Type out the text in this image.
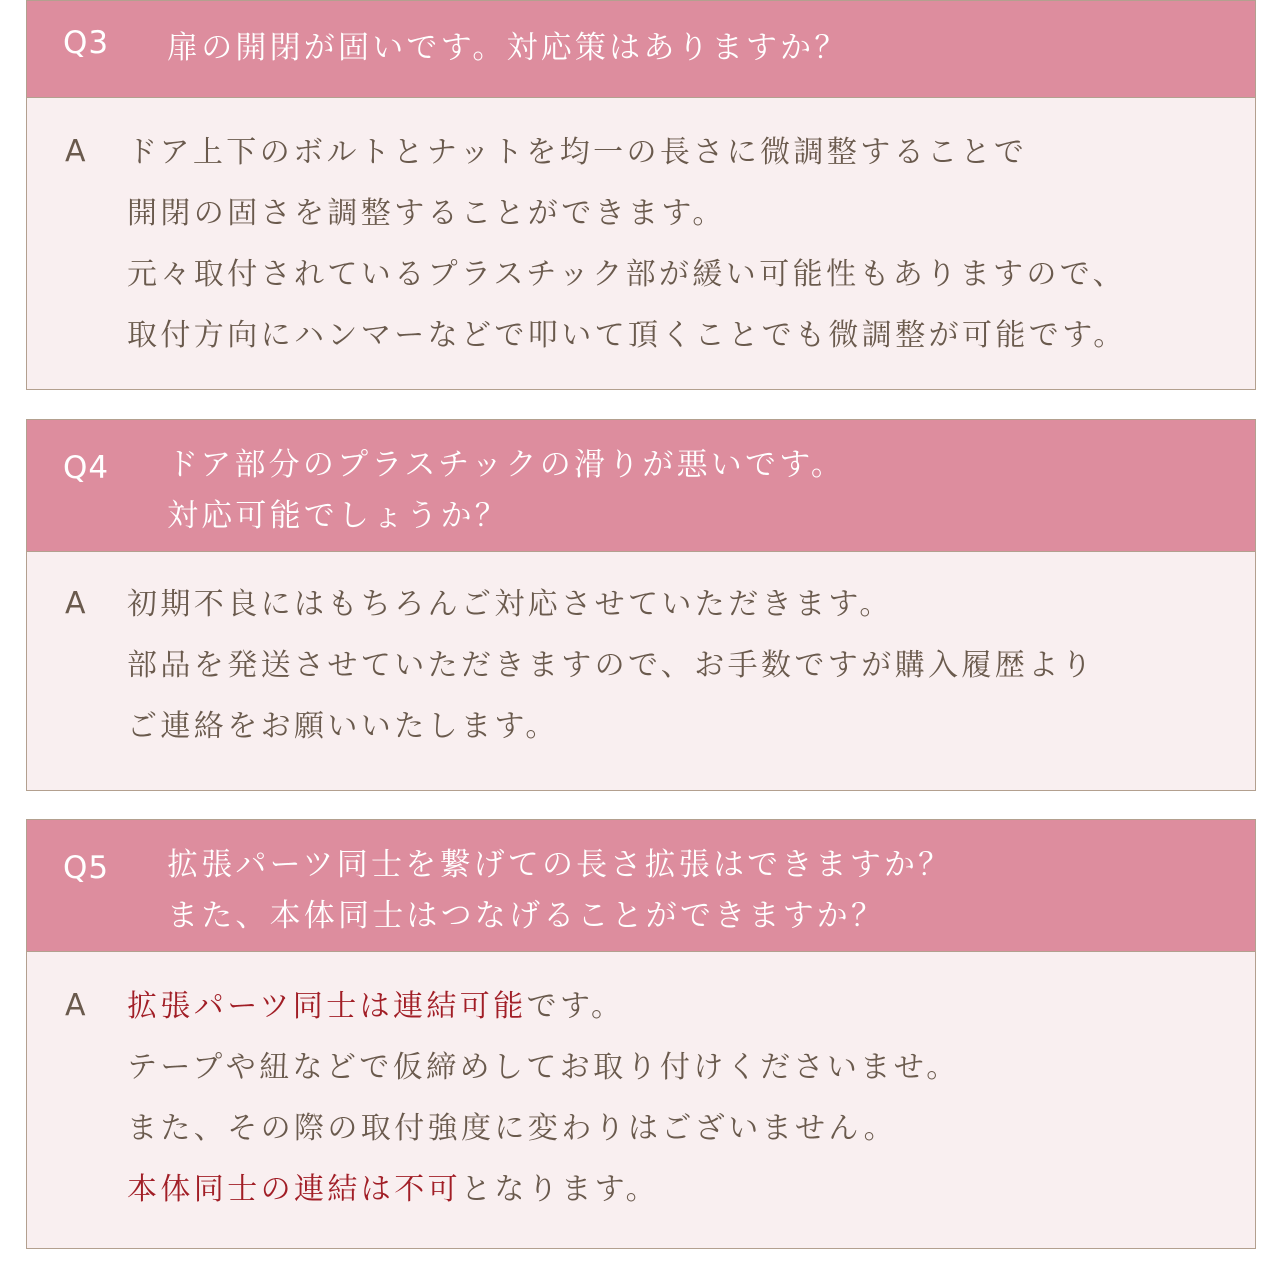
Q3 扉の開閉が固いです。対応策はありますか？
A ドア上下のボルトとナットを均一の長さに微調整することで
開閉の固さを調整することができます。
元々取付されているプラスチック部が緩い可能性もありますので、
取付方向にハンマーなどで叩いて頂くことでも微調整が可能です。
Q4 ドア部分のプラスチックの滑りが悪いです。
対応可能でしょうか？
A 初期不良にはもちろんご対応させていただきます。
部品を発送させていただきますので、お手数ですが購入履歴より
ご連絡をお願いいたします。
Q5 拡張パーツ同士を繋げての長さ拡張はできますか？
また、本体同士はつなげることができますか？
A 拡張パーツ同士は連結可能です。
テープや紐などで仮締めしてお取り付けくださいませ。
また、その際の取付強度に変わりはございません。
本体同士の連結は不可となります。
